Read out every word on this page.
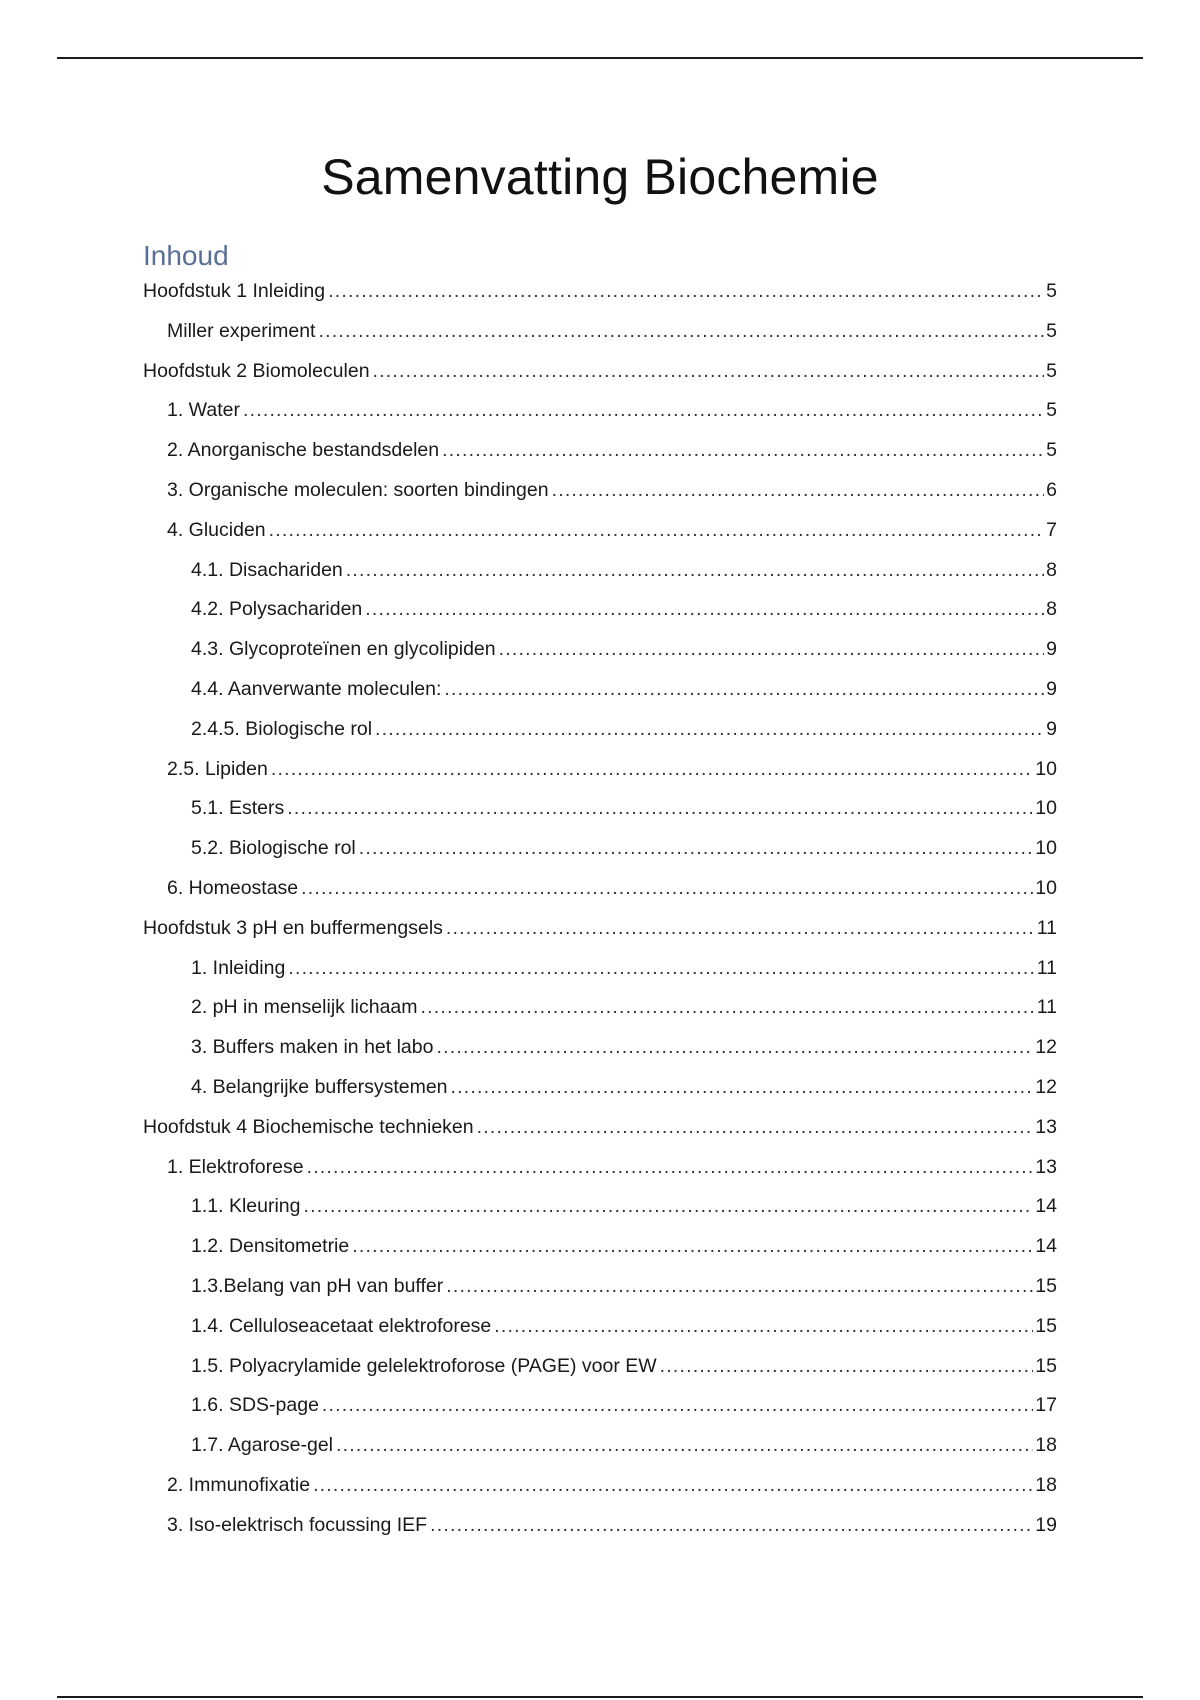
Samenvatting Biochemie
Inhoud
Hoofdstuk 1 Inleiding .....	5
Miller experiment .....	5
Hoofdstuk 2 Biomoleculen .....	5
1. Water .....	5
2. Anorganische bestandsdelen .....	5
3. Organische moleculen: soorten bindingen .....	6
4. Gluciden .....	7
4.1. Disachariden .....	8
4.2. Polysachariden .....	8
4.3. Glycoproteïnen en glycolipiden .....	9
4.4. Aanverwante moleculen: .....	9
2.4.5. Biologische rol .....	9
2.5. Lipiden .....	10
5.1. Esters .....	10
5.2. Biologische rol .....	10
6. Homeostase .....	10
Hoofdstuk 3 pH en buffermengsels .....	11
1. Inleiding .....	11
2. pH in menselijk lichaam .....	11
3. Buffers maken in het labo .....	12
4. Belangrijke buffersystemen .....	12
Hoofdstuk 4 Biochemische technieken .....	13
1. Elektroforese .....	13
1.1. Kleuring .....	14
1.2. Densitometrie .....	14
1.3.Belang van pH van buffer .....	15
1.4. Celluloseacetaat elektroforese .....	15
1.5. Polyacrylamide gelelektroforose (PAGE) voor EW .....	15
1.6. SDS-page .....	17
1.7. Agarose-gel .....	18
2. Immunofixatie .....	18
3. Iso-elektrisch focussing IEF .....	19
